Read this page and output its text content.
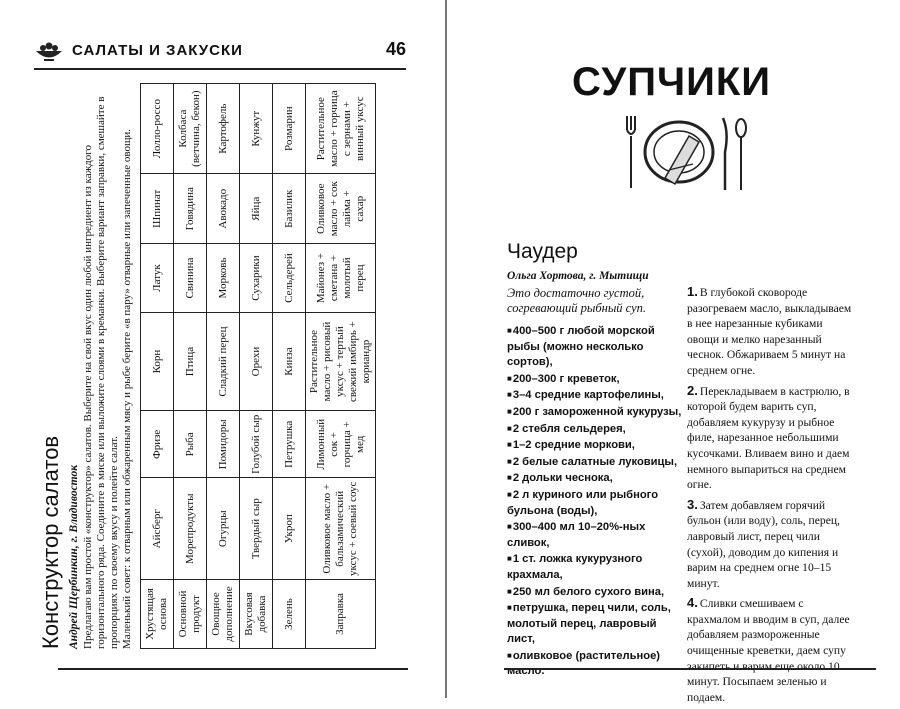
САЛАТЫ И ЗАКУСКИ	46
Конструктор салатов Андрей Щербинкин, г. Владивосток Предлагаю вам простой «конструктор» салатов. Выберите на свой вкус один любой ингредиент из каждого горизонтального ряда. Соедините в миске или выложите слоями в креманки. Выберите вариант заправки, смешайте в пропорциях по своему вкусу и полейте салат. Маленький совет: к отварным или обжаренным мясу и рыбе берите «в пару» отварные или запеченные овощи. Хрустящая основа	Айсберг	Фризе	Корн	Латук	Шпинат	Лолло-россо
Основной продукт	Морепродукты	Рыба	Птица	Свинина	Говядина	Колбаса (ветчина, бекон)
Овощное дополнение	Огурцы	Помидоры	Сладкий перец	Морковь	Авокадо	Картофель
Вкусовая добавка	Твердый сыр	Голубой сыр	Орехи	Сухарики	Яйца	Кунжут
Зелень	Укроп	Петрушка	Кинза	Сельдерей	Базилик	Розмарин
Заправка	Оливковое масло + бальзамический уксус + соевый соус	Лимонный сок + горчица + мед	Растительное масло + рисовый уксус + тертый свежий имбирь + кориандр	Майонез + сметана + молотый перец	Оливковое масло + сок лайма + сахар	Растительное масло + горчица с зернами + винный уксус
СУПЧИКИ
Чаудер
Ольга Хортова, г. Мытищи
Это достаточно густой, согревающий рыбный суп.
■400–500 г любой морской рыбы (можно несколько сортов),
■200–300 г креветок,
■3–4 средние картофелины,
■200 г замороженной кукурузы,
■2 стебля сельдерея,
■1–2 средние моркови,
■2 белые салатные луковицы,
■2 дольки чеснока,
■2 л куриного или рыбного бульона (воды),
■300–400 мл 10–20%-ных сливок,
■1 ст. ложка кукурузного крахмала,
■250 мл белого сухого вина,
■петрушка, перец чили, соль, молотый перец, лавровый лист,
■оливковое (растительное) масло.
1. В глубокой сковороде разогреваем масло, выкладываем в нее нарезанные кубиками овощи и мелко нарезанный чеснок. Обжариваем 5 минут на среднем огне.
2. Перекладываем в кастрюлю, в которой будем варить суп, добавляем кукурузу и рыбное филе, нарезанное небольшими кусочками. Вливаем вино и даем немного выпариться на среднем огне.
3. Затем добавляем горячий бульон (или воду), соль, перец, лавровый лист, перец чили (сухой), доводим до кипения и варим на среднем огне 10–15 минут.
4. Сливки смешиваем с крахмалом и вводим в суп, далее добавляем размороженные очищенные креветки, даем супу закипеть и варим еще около 10 минут. Посыпаем зеленью и подаем.
